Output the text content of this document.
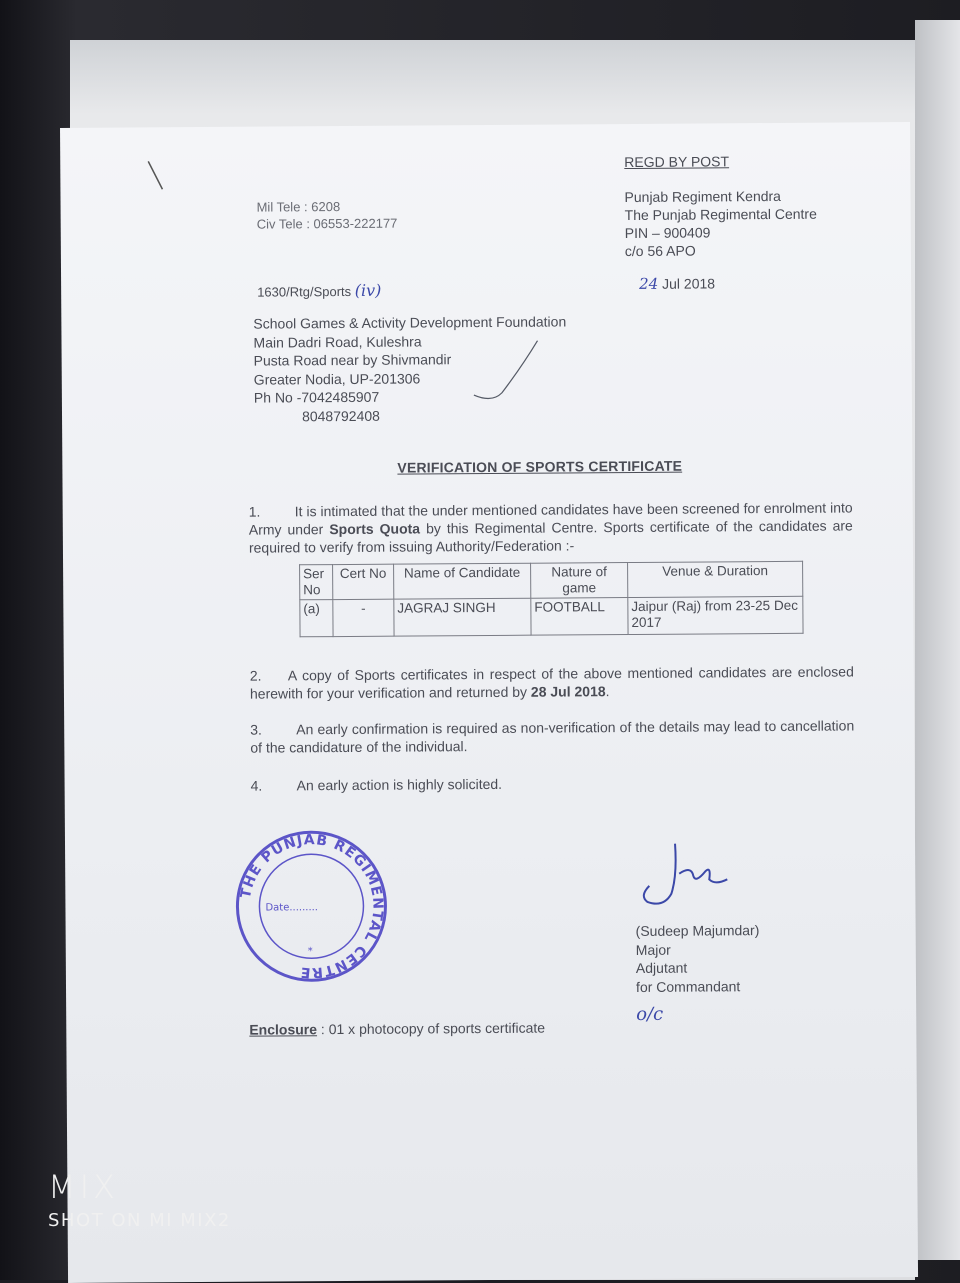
REGD BY POST
Punjab Regiment Kendra
The Punjab Regimental Centre
PIN – 900409
c/o 56 APO
Mil Tele : 6208
Civ Tele : 06553-222177
1630/Rtg/Sports (iv)	24 Jul 2018
School Games & Activity Development Foundation
Main Dadri Road, Kuleshra
Pusta Road near by Shivmandir
Greater Nodia, UP-201306
Ph No -7042485907
8048792408
VERIFICATION OF SPORTS CERTIFICATE
1. It is intimated that the under mentioned candidates have been screened for enrolment into Army under Sports Quota by this Regimental Centre. Sports certificate of the candidates are required to verify from issuing Authority/Federation :-
Ser No	Cert No	Name of Candidate	Nature of game	Venue & Duration
(a)	-	JAGRAJ SINGH	FOOTBALL	Jaipur (Raj) from 23-25 Dec 2017
2. A copy of Sports certificates in respect of the above mentioned candidates are enclosed herewith for your verification and returned by 28 Jul 2018.
3. An early confirmation is required as non-verification of the details may lead to cancellation of the candidature of the individual.
4. An early action is highly solicited.
THE PUNJAB REGIMENTAL CENTRE
Date.........
*
(Sudeep Majumdar)
Major
Adjutant
for Commandant
o/c
Enclosure : 01 x photocopy of sports certificate
MIX
SHOT ON MI MIX2
